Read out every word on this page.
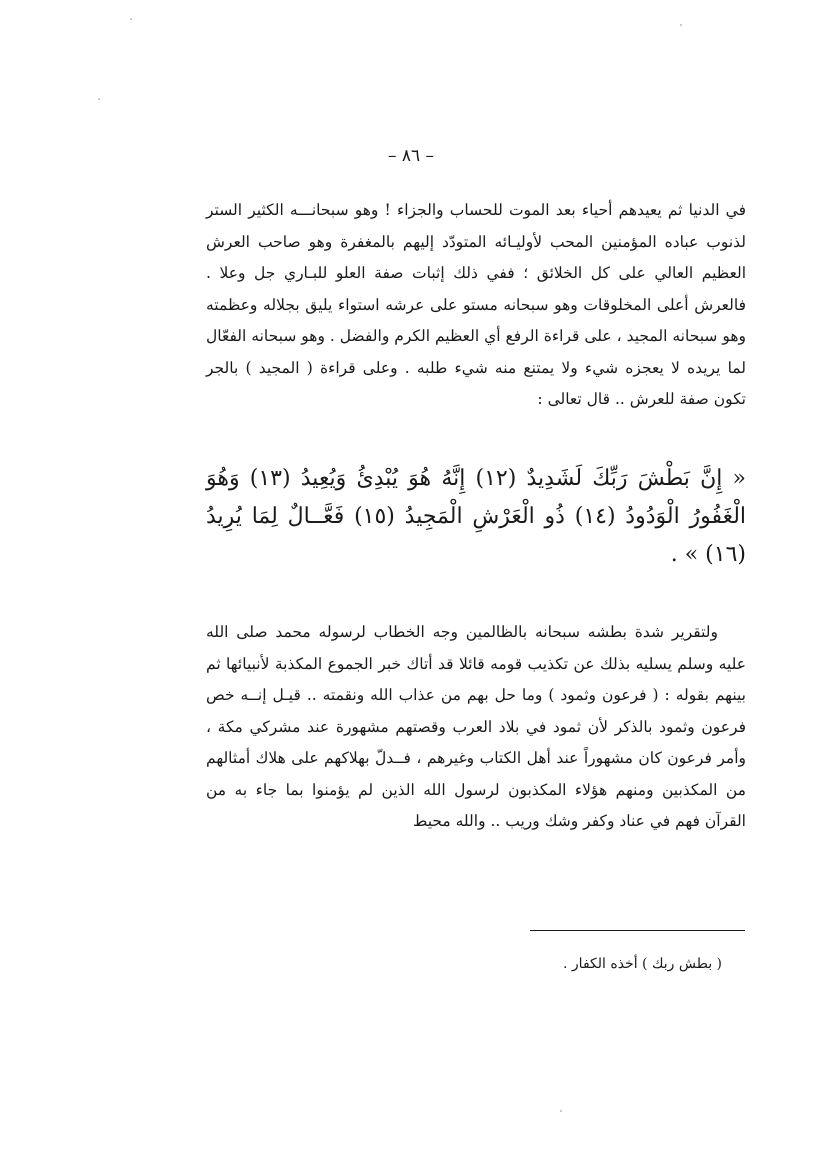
– ٨٦ –
في الدنيا ثم يعيدهم أحياء بعد الموت للحساب والجزاء ! وهو سبحانـــه الكثير الستر لذنوب عباده المؤمنين المحب لأوليـائه المتودّد إليهم بالمغفرة وهو صاحب العرش العظيم العالي على كل الخلائق ؛ ففي ذلك إثبات صفة العلو للبـاري جل وعلا . فالعرش أعلى المخلوقات وهو سبحانه مستو على عرشه استواء يليق بجلاله وعظمته وهو سبحانه المجيد ، على قراءة الرفع أي العظيم الكرم والفضل . وهو سبحانه الفعّال لما يريده لا يعجزه شيء ولا يمتنع منه شيء طلبه . وعلى قراءة ( المجيد ) بالجر تكون صفة للعرش .. قال تعالى :
« إِنَّ بَطْشَ رَبِّكَ لَشَدِيدٌ (١٢) إِنَّهُ هُوَ يُبْدِئُ وَيُعِيدُ (١٣) وَهُوَ الْغَفُورُ الْوَدُودُ (١٤) ذُو الْعَرْشِ الْمَجِيدُ (١٥) فَعَّــالٌ لِمَا يُرِيدُ (١٦) » .
ولتقرير شدة بطشه سبحانه بالظالمين وجه الخطاب لرسوله محمد صلى الله عليه وسلم يسليه بذلك عن تكذيب قومه قائلا قد أتاك خبر الجموع المكذبة لأنبيائها ثم بينهم بقوله : ( فرعون وثمود ) وما حل بهم من عذاب الله ونقمته .. قيـل إنــه خص فرعون وثمود بالذكر لأن ثمود في بلاد العرب وقصتهم مشهورة عند مشركي مكة ، وأمر فرعون كان مشهوراً عند أهل الكتاب وغيرهم ، فــدلّ بهلاكهم على هلاك أمثالهم من المكذبين ومنهم هؤلاء المكذبون لرسول الله الذين لم يؤمنوا بما جاء به من القرآن فهم في عناد وكفر وشك وريب .. والله محيط
( بطش ربك ) أخذه الكفار .
